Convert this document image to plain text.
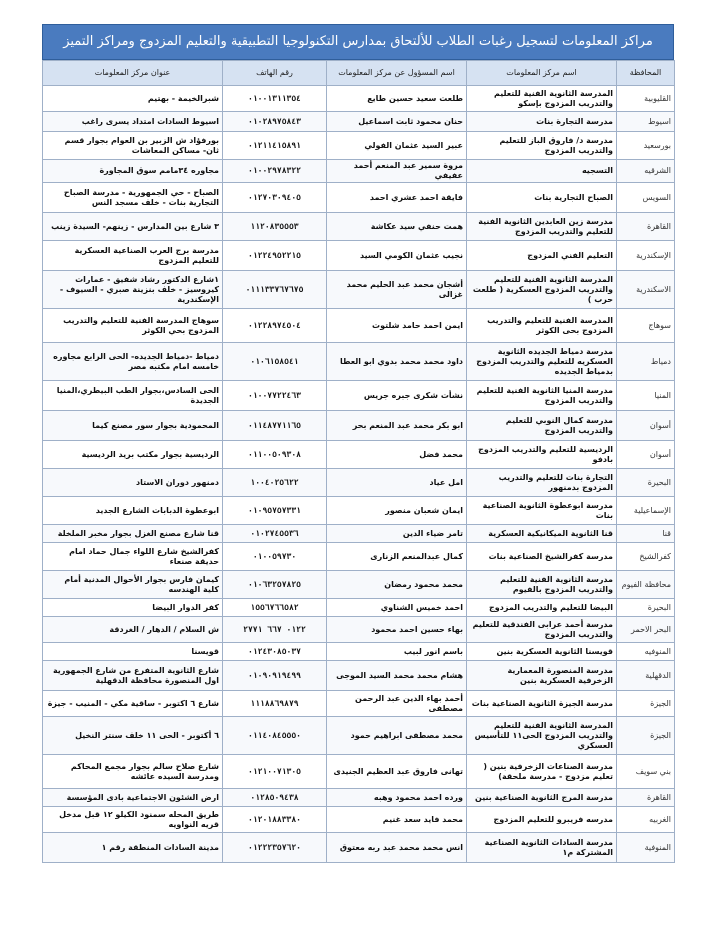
مراكز المعلومات لتسجيل رغبات الطلاب للألتحاق بمدارس التكنولوجيا التطبيقية والتعليم المزدوج ومراكز التميز
المحافظة	اسم مركز المعلومات	اسم المسؤول عن مركز المعلومات	رقم الهاتف	عنوان مركز المعلومات
القليوبية	المدرسة الثانوية الفنية للتعليم والتدريب المزدوج بإسكو	طلعت سعيد حسين طايع	٠١٠٠١٣١١٣٥٤	شبرالخيمة - بهتيم
اسيوط	مدرسة التجارة بنات	حنان محمود ثابت اسماعيل	٠١٠٢٨٩٧٥٨٤٣	اسيوط السادات امتداد يسرى راغب
بورسعيد	مدرسة د/ فاروق الباز للتعليم والتدريب المزدوج	عبير السيد عثمان الفولي	٠١٢١١٤١٥٨٩١	بورفؤاد ش الزبير بن العوام بجوار قسم ثان- مساكن المعاشات
الشرقيه	التسجيه	مروة سمير عبد المنعم أحمد عفيفي	٠١٠٠٢٩٧٨٣٢٢	مجاوره ٣٤مامم سوق المجاورة
السويس	الصباح التجارية بنات	فايقة احمد عشري احمد	٠١٢٧٠٣٠٩٤٠٥	الصباح - حي الجمهورية - مدرسة الصباح التجارية بنات - خلف مسجد النس
القاهرة	مدرسة زين العابدين الثانوية الفنية للتعليم والتدريب المزدوج	همت حنفي سيد عكاشة	١١٢٠٨٣٥٥٥٣	٣ شارع بين المدارس - زينهم- السيدة زينب
الإسكندرية	التعليم الفني المزدوج	نجيب عثمان الكومي السيد	٠١٢٢٤٩٥٢٢١٥	مدرسة برج العرب الصناعية العسكرية للتعليم المزدوج
الاسكندرية	المدرسة الثانوية الفنية للتعليم والتدريب المزدوج العسكرية ( طلعت حرب )	أشجان محمد عبد الحليم محمد غزالى	٠١١١٣٣٧٦٧٦٧٥	١شارع الدكتور رشاد شفيق - عمارات كيروسيز - خلف بنزينة صبري - السيوف - الإسكندرية
سوهاج	المدرسة الفنية للتعليم والتدريب المزدوج بحى الكوثر	ايمن احمد حامد شلتوت	٠١٢٢٨٩٧٤٥٠٤	سوهاج المدرسة الفنية للتعليم والتدريب المزدوج بحي الكوثر
دمياط	مدرسة دمياط الجديده الثانوية العسكريه للتعليم والتدريب المزدوج بدمياط الجديده	داود محمد محمد بدوي ابو العطا	٠١٠٦١٥٨٥٤١	دمياط -دمياط الجديده- الحى الرابع مجاوره خامسه امام مكتبه مصر
المنيا	مدرسة المنيا الثانوية الفنية للتعليم والتدريب المزدوج	نشأت شكرى جبره جريس	٠١٠٠٧٧٢٢٤٦٣	الحى السادس،بجوار الطب البيطري،المنيا الجديدة
أسوان	مدرسة كمال النوبي للتعليم والتدريب المزدوج	ابو بكر محمد عبد المنعم بحر	٠١١٤٨٧٧١١٦٥	المحمودية بجوار سور مصنع كيما
أسوان	الرديسية للتعليم والتدريب المزدوج بادفو	محمد فضل	٠١١٠٠٥٠٩٣٠٨	الرديسية بجوار مكتب بريد الرديسية
البحيرة	التجارة بنات للتعليم والتدريب المزدوج بدمنهور	امل عياد	١٠٠٤٠٢٥٦٢٢	دمنهور دوران الاستاد
الإسماعيلية	مدرسة ابوعطوة الثانوية الصناعية بنات	ايمان شعبان منصور	٠١٠٩٥٧٥٧٣٣١	ابوعطوة الدبابات الشارع الجديد
قنا	قنا الثانوية الميكانيكية العسكرية	تامر ضياء الدين	٠١٠٢٧٤٥٥٣٦	قنا شارع مصنع الغزل بجوار مخبر الملخلة
كفرالشيخ	مدرسة كفرالشيخ الصناعية بنات	كمال عبدالمنعم الزنارى	٠١٠٠٥٩٧٣٠	كفرالشيخ شارع اللواء جمال حماد امام حديقة صنعاء
محافظة الفيوم	مدرسة الثانوية الفنية للتعليم والتدريب المزدوج بالفيوم	محمد محمود رمضان	٠١٠٦٣٢٥٧٨٢٥	كيمان فارس بجوار الأحوال المدنية أمام كلية الهندسه
البحيرة	البيضا للتعليم والتدريب المزدوج	احمد خميس الشناوي	١٥٥٦٧٦٦٥٨٢	كفر الدوار البيضا
البحر الاحمر	مدرسة أحمد عرابى الفندقية للتعليم والتدريب المزدوج	بهاء حسين احمد محمود	٠١٢٢ ٦٦٧ ٢٧٧١	ش السلام / الدهار / الغردقة
المنوفيه	قويسنا الثانوية العسكرية بنين	باسم انور لبيب	٠١٢٤٣٠٨٥٠٣٧	قويسنا
الدقهلية	مدرسة المنصورة المعمارية الزخرفية العسكرية بنين	هشام محمد محمد السيد الموجى	٠١٠٩٠٩١٩٤٩٩	شارع الثانوية المتفرع من شارع الجمهورية اول المنصورة محافظة الدقهلية
الجيزة	مدرسة الجيزة الثانوية الصناعية بنات	أحمد بهاء الدين عبد الرحمن مصطفى	١١١٨٨٦٩٨٧٩	شارع ٦ اكتوبر - ساقية مكي - المنيب - جيزة
الجيزة	المدرسة الثانوية الفنية للتعليم والتدريب المزدوج الحى١١ للتأسيس العسكري	محمد مصطفى ابراهيم حمود	٠١١٤٠٨٤٥٥٥٠	٦ أكتوبر - الحى ١١ خلف سنتر النخيل
بني سويف	مدرسة الصناعات الزخرفية بنين ( تعليم مزدوج - مدرسة ملحقة)	تهانى فاروق عبد العظيم الجنيدى	٠١٢١٠٠٧١٣٠٥	شارع صلاح سالم بجوار مجمع المحاكم ومدرسة السيده عائشه
القاهرة	مدرسة المرج الثانوية الصناعية بنين	ورده احمد محمود وهبه	٠١٢٨٥٠٩٤٣٨	ارض الشئون الاجتماعية بادى المؤسسة
الغربيه	مدرسه فريبرو للتعليم المزدوج	محمد فايد سعد غنيم	٠١٢٠١٨٨٣٣٨٠	طريق المحله سمنود الكيلو ١٢ قبل مدخل قريه النواويه
المنوفية	مدرسة السادات الثانوية الصناعية المشتركة م١	انس محمد محمد عبد ربه معتوق	٠١٢٢٢٣٥٧٦٢٠	مدينة السادات المنطقة رقم ١
